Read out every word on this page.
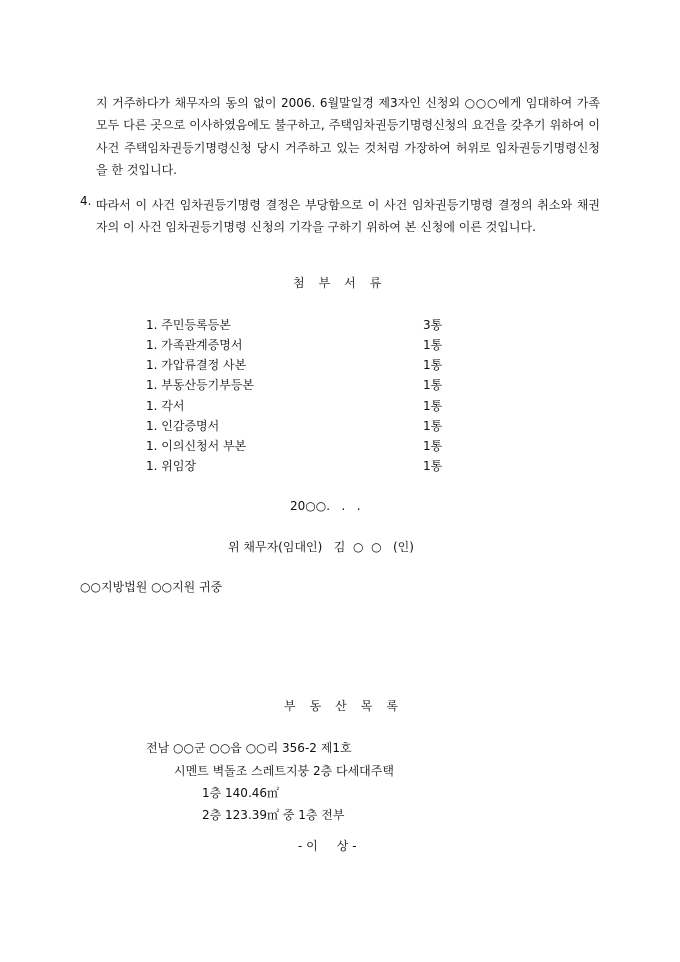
지 거주하다가 채무자의 동의 없이 2006. 6월말일경 제3자인 신청외 ○○○에게 임대하여 가족 모두 다른 곳으로 이사하였음에도 불구하고, 주택임차권등기명령신청의 요건을 갖추기 위하여 이 사건 주택임차권등기명령신청 당시 거주하고 있는 것처럼 가장하여 허위로 임차권등기명령신청을 한 것입니다.
4. 따라서 이 사건 임차권등기명령 결정은 부당함으로 이 사건 임차권등기명령 결정의 취소와 채권자의 이 사건 임차권등기명령 신청의 기각을 구하기 위하여 본 신청에 이른 것입니다.
첨부서류
1. 주민등록등본	3통
1. 가족관계증명서	1통
1. 가압류결정 사본	1통
1. 부동산등기부등본	1통
1. 각서	1통
1. 인감증명서	1통
1. 이의신청서 부본	1통
1. 위임장	1통
20○○.   .   .
위 채무자(임대인)   김  ○  ○   (인)
○○지방법원 ○○지원 귀중
부동산목록
전남 ○○군 ○○읍 ○○리 356-2 제1호
시멘트 벽돌조 스레트지붕 2층 다세대주택
1층 140.46㎡
2층 123.39㎡ 중 1층 전부
- 이     상 -
